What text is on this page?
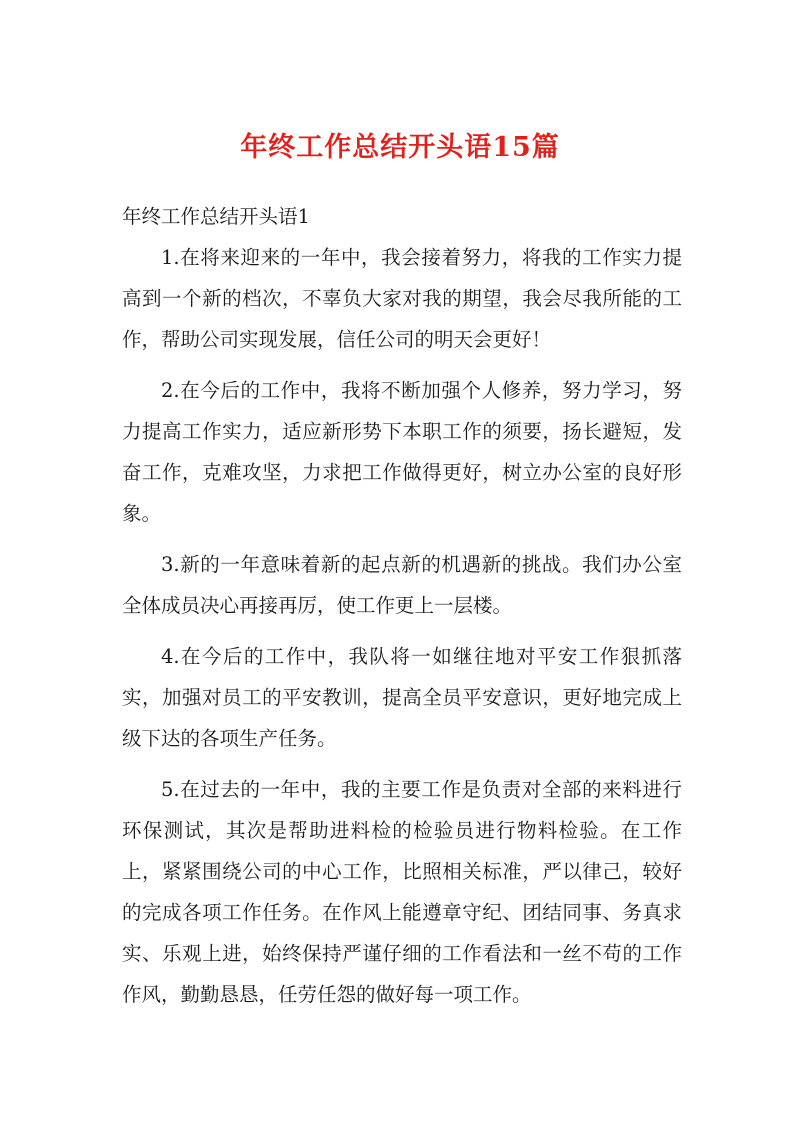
年终工作总结开头语15篇

年终工作总结开头语1

1.在将来迎来的一年中，我会接着努力，将我的工作实力提高到一个新的档次，不辜负大家对我的期望，我会尽我所能的工作，帮助公司实现发展，信任公司的明天会更好！

2.在今后的工作中，我将不断加强个人修养，努力学习，努力提高工作实力，适应新形势下本职工作的须要，扬长避短，发奋工作，克难攻坚，力求把工作做得更好，树立办公室的良好形象。

3.新的一年意味着新的起点新的机遇新的挑战。我们办公室全体成员决心再接再厉，使工作更上一层楼。

4.在今后的工作中，我队将一如继往地对平安工作狠抓落实，加强对员工的平安教训，提高全员平安意识，更好地完成上级下达的各项生产任务。

5.在过去的一年中，我的主要工作是负责对全部的来料进行环保测试，其次是帮助进料检的检验员进行物料检验。在工作上，紧紧围绕公司的中心工作，比照相关标准，严以律己，较好的完成各项工作任务。在作风上能遵章守纪、团结同事、务真求实、乐观上进，始终保持严谨仔细的工作看法和一丝不苟的工作作风，勤勤恳恳，任劳任怨的做好每一项工作。
